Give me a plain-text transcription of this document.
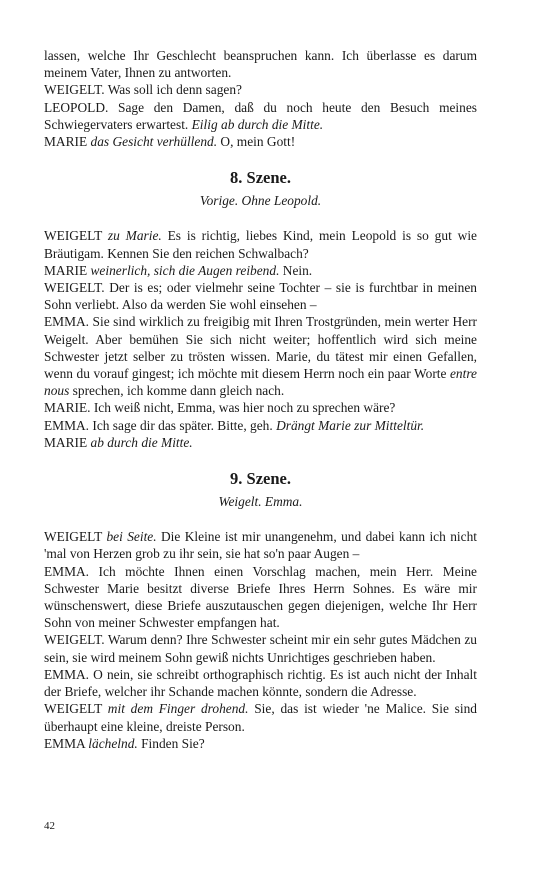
lassen, welche Ihr Geschlecht beanspruchen kann. Ich überlasse es darum meinem Vater, Ihnen zu antworten.
WEIGELT. Was soll ich denn sagen?
LEOPOLD. Sage den Damen, daß du noch heute den Besuch meines Schwiegervaters erwartest. Eilig ab durch die Mitte.
MARIE das Gesicht verhüllend. O, mein Gott!
8. Szene.
Vorige. Ohne Leopold.
WEIGELT zu Marie. Es is richtig, liebes Kind, mein Leopold is so gut wie Bräutigam. Kennen Sie den reichen Schwalbach?
MARIE weinerlich, sich die Augen reibend. Nein.
WEIGELT. Der is es; oder vielmehr seine Tochter – sie is furchtbar in meinen Sohn verliebt. Also da werden Sie wohl einsehen –
EMMA. Sie sind wirklich zu freigibig mit Ihren Trostgründen, mein werter Herr Weigelt. Aber bemühen Sie sich nicht weiter; hoffentlich wird sich meine Schwester jetzt selber zu trösten wissen. Marie, du tätest mir einen Gefallen, wenn du vorauf gingest; ich möchte mit diesem Herrn noch ein paar Worte entre nous sprechen, ich komme dann gleich nach.
MARIE. Ich weiß nicht, Emma, was hier noch zu sprechen wäre?
EMMA. Ich sage dir das später. Bitte, geh. Drängt Marie zur Mitteltür.
MARIE ab durch die Mitte.
9. Szene.
Weigelt. Emma.
WEIGELT bei Seite. Die Kleine ist mir unangenehm, und dabei kann ich nicht 'mal von Herzen grob zu ihr sein, sie hat so'n paar Augen –
EMMA. Ich möchte Ihnen einen Vorschlag machen, mein Herr. Meine Schwester Marie besitzt diverse Briefe Ihres Herrn Sohnes. Es wäre mir wünschenswert, diese Briefe auszutauschen gegen diejenigen, welche Ihr Herr Sohn von meiner Schwester empfangen hat.
WEIGELT. Warum denn? Ihre Schwester scheint mir ein sehr gutes Mädchen zu sein, sie wird meinem Sohn gewiß nichts Unrichtiges geschrieben haben.
EMMA. O nein, sie schreibt orthographisch richtig. Es ist auch nicht der Inhalt der Briefe, welcher ihr Schande machen könnte, sondern die Adresse.
WEIGELT mit dem Finger drohend. Sie, das ist wieder 'ne Malice. Sie sind überhaupt eine kleine, dreiste Person.
EMMA lächelnd. Finden Sie?
42
